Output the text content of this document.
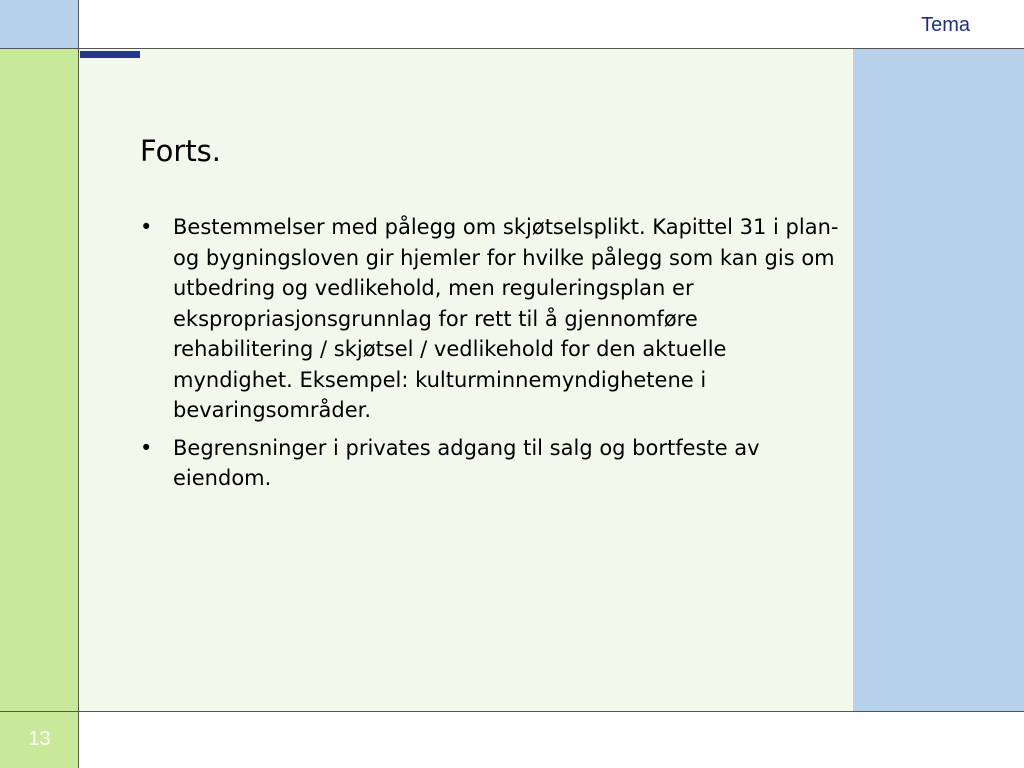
Tema
13
Forts.
• Bestemmelser med pålegg om skjøtselsplikt. Kapittel 31 i plan- og bygningsloven gir hjemler for hvilke pålegg som kan gis om utbedring og vedlikehold, men reguleringsplan er ekspropriasjonsgrunnlag for rett til å gjennomføre rehabilitering / skjøtsel / vedlikehold for den aktuelle myndighet. Eksempel: kulturminnemyndighetene i bevaringsområder.
• Begrensninger i privates adgang til salg og bortfeste av eiendom.
